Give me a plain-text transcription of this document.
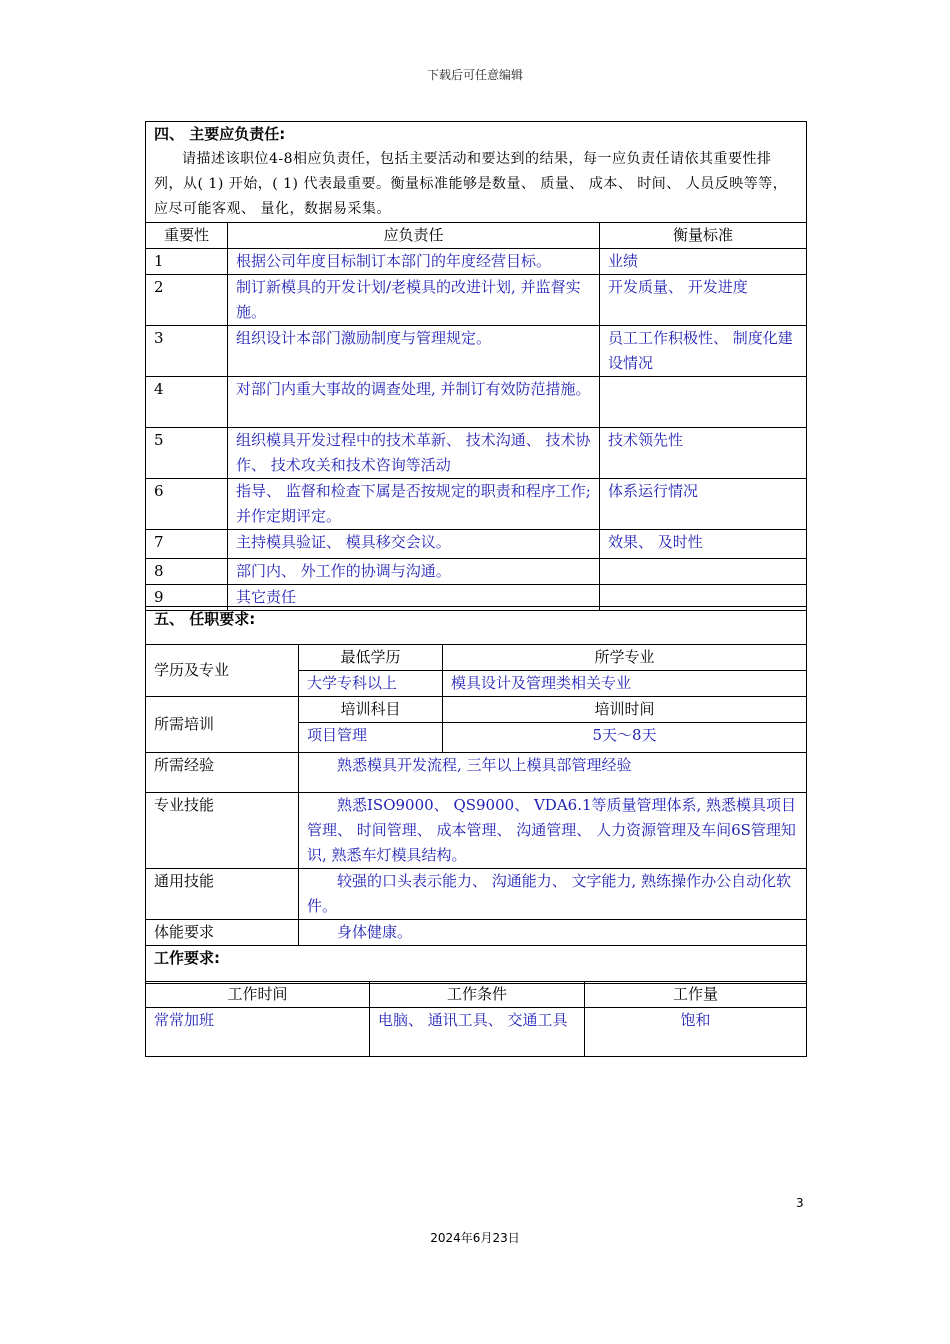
下载后可任意编辑
四、 主要应负责任:
请描述该职位4-8相应负责任，包括主要活动和要达到的结果，每一应负责任请依其重要性排列，从( 1) 开始，( 1) 代表最重要。衡量标准能够是数量、 质量、 成本、 时间、 人员反映等等，应尽可能客观、 量化，数据易采集。		

重要性	应负责任	衡量标准
1	根据公司年度目标制订本部门的年度经营目标。	业绩
2	制订新模具的开发计划/老模具的改进计划, 并监督实施。	开发质量、 开发进度
3	组织设计本部门激励制度与管理规定。	员工工作积极性、 制度化建设情况
4	对部门内重大事故的调查处理, 并制订有效防范措施。	
5	组织模具开发过程中的技术革新、 技术沟通、 技术协作、 技术攻关和技术咨询等活动	技术领先性
6	指导、 监督和检查下属是否按规定的职责和程序工作; 并作定期评定。	体系运行情况
7	主持模具验证、 模具移交会议。	效果、 及时性
8	部门内、 外工作的协调与沟通。	
9	其它责任	
五、 任职要求:		
学历及专业	最低学历	所学专业
	大学专科以上	模具设计及管理类相关专业
所需培训	培训科目	培训时间
	项目管理	5天～8天
所需经验	熟悉模具开发流程, 三年以上模具部管理经验	
专业技能	熟悉ISO9000、 QS9000、 VDA6.1等质量管理体系, 熟悉模具项目管理、 时间管理、 成本管理、 沟通管理、 人力资源管理及车间6S管理知识, 熟悉车灯模具结构。	
通用技能	较强的口头表示能力、 沟通能力、 文字能力, 熟练操作办公自动化软件。	
体能要求	身体健康。	
工作要求:		
工作时间	工作条件	工作量
常常加班	电脑、 通讯工具、 交通工具	饱和
3
2024年6月23日
